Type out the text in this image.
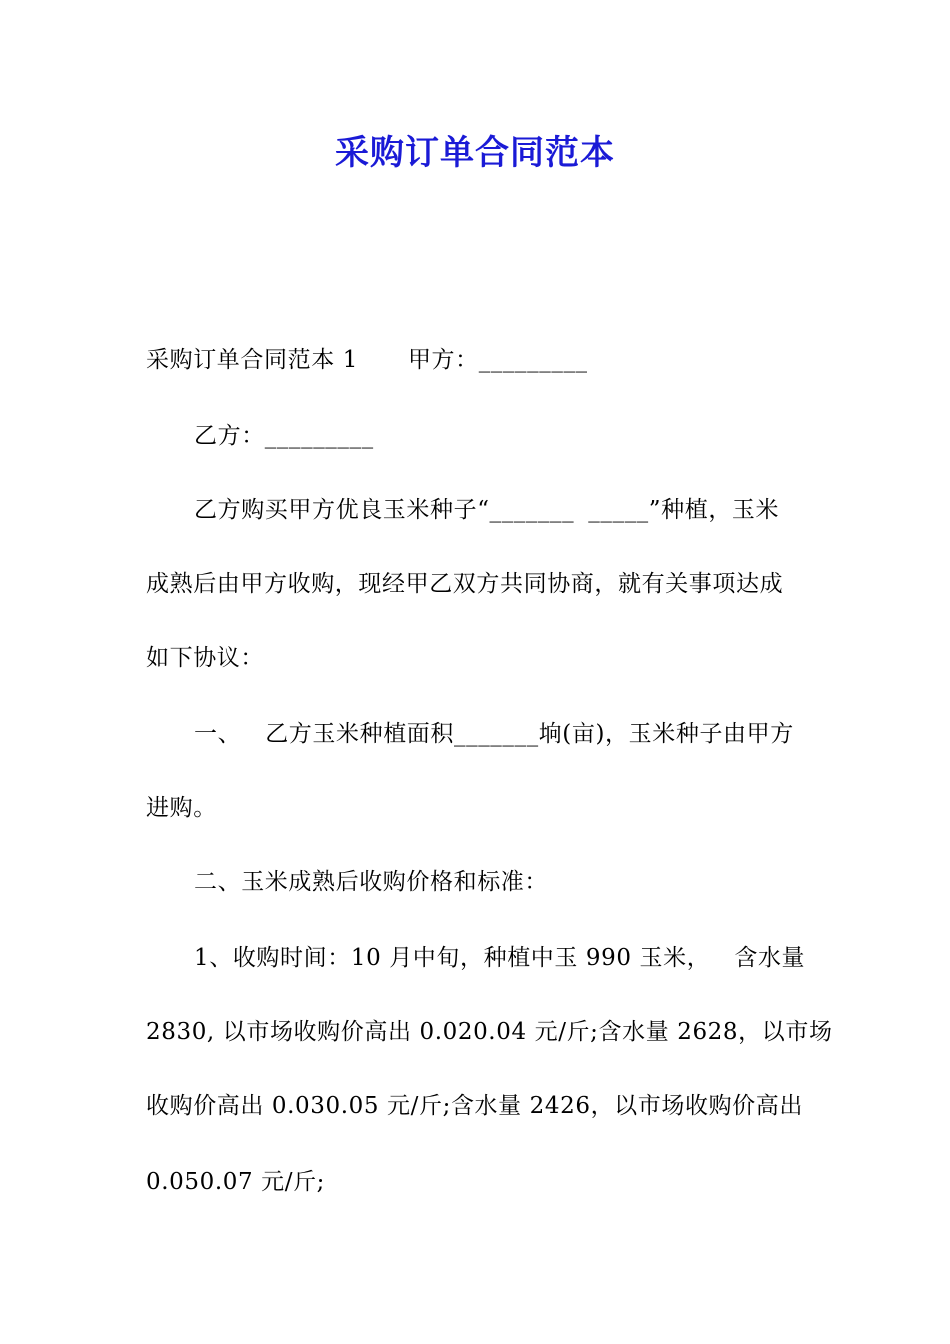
采购订单合同范本
采购订单合同范本 1 甲方：_________
乙方：_________
乙方购买甲方优良玉米种子“_______ _____”种植，玉米
成熟后由甲方收购，现经甲乙双方共同协商，就有关事项达成
如下协议：
一、 乙方玉米种植面积_______垧(亩)，玉米种子由甲方
进购。
二、玉米成熟后收购价格和标准：
1、收购时间：10 月中旬，种植中玉 990 玉米， 含水量
2830, 以市场收购价高出 0.020.04 元/斤;含水量 2628，以市场
收购价高出 0.030.05 元/斤;含水量 2426，以市场收购价高出
0.050.07 元/斤;
